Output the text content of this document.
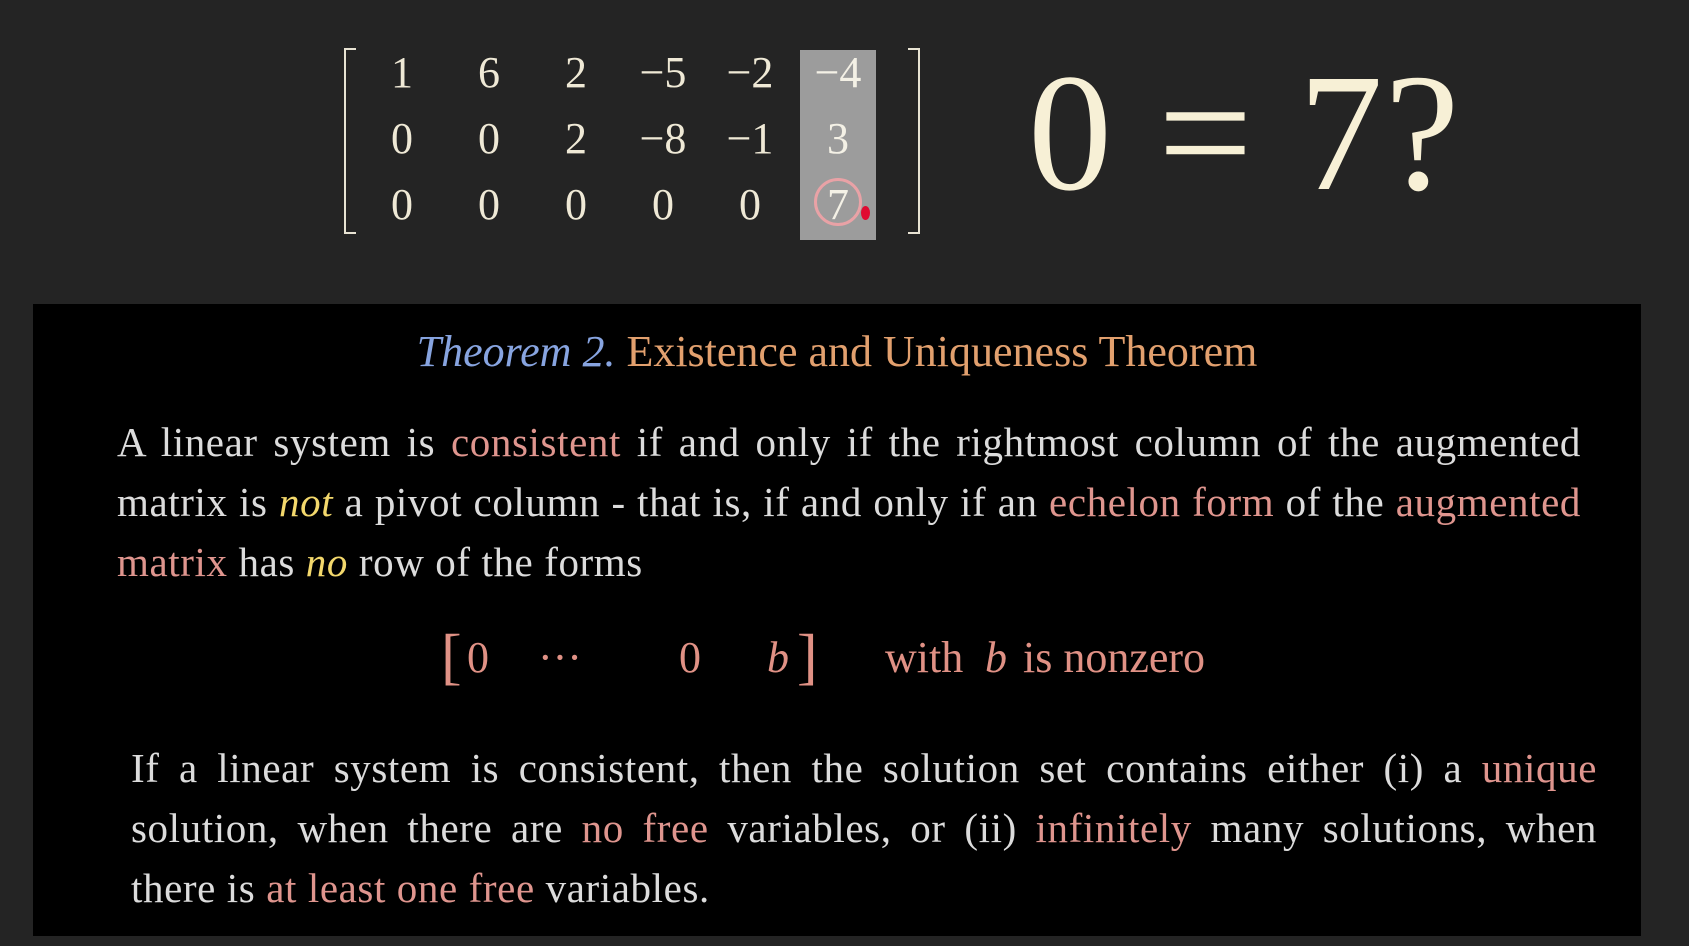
1	6	2	−5 −2 −4
0	0	2	−8 −1	3
0	0	0	0	0	7 0 = 7?
Theorem 2. Existence and Uniqueness Theorem
A linear system is consistent if and only if the rightmost column of the augmented matrix is not a pivot column - that is, if and only if an echelon form of the augmented matrix has no row of the forms
[ 0 ··· 0 b ] with b is nonzero
If a linear system is consistent, then the solution set contains either (i) a unique solution, when there are no free variables, or (ii) infinitely many solutions, when there is at least one free variables.
